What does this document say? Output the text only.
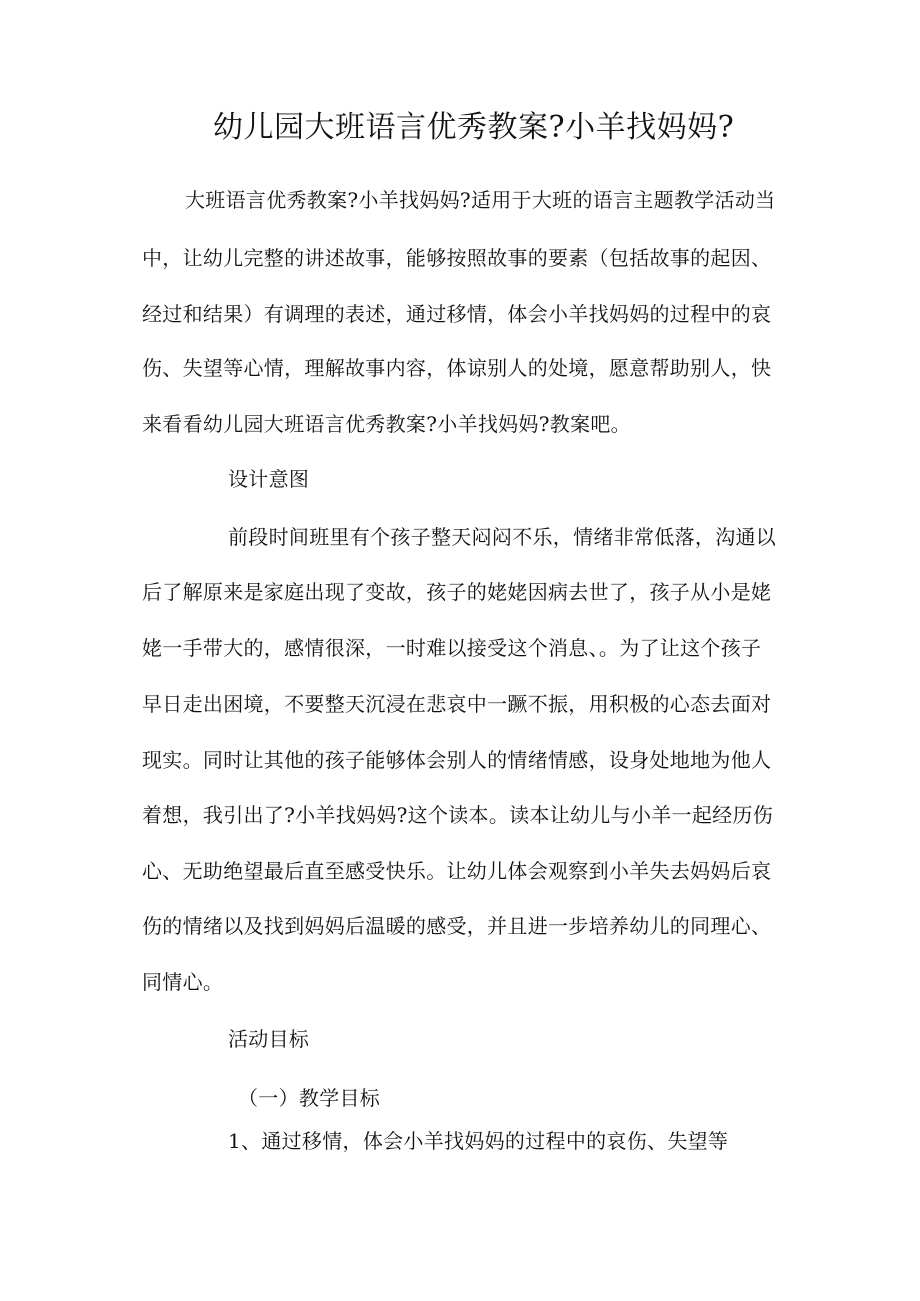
幼儿园大班语言优秀教案?小羊找妈妈?
大班语言优秀教案?小羊找妈妈?适用于大班的语言主题教学活动当
中，让幼儿完整的讲述故事，能够按照故事的要素（包括故事的起因、
经过和结果）有调理的表述，通过移情，体会小羊找妈妈的过程中的哀
伤、失望等心情，理解故事内容，体谅别人的处境，愿意帮助别人，快
来看看幼儿园大班语言优秀教案?小羊找妈妈?教案吧。
设计意图
前段时间班里有个孩子整天闷闷不乐，情绪非常低落，沟通以
后了解原来是家庭出现了变故，孩子的姥姥因病去世了，孩子从小是姥
姥一手带大的，感情很深，一时难以接受这个消息、。为了让这个孩子
早日走出困境，不要整天沉浸在悲哀中一蹶不振，用积极的心态去面对
现实。同时让其他的孩子能够体会别人的情绪情感，设身处地地为他人
着想，我引出了?小羊找妈妈?这个读本。读本让幼儿与小羊一起经历伤
心、无助绝望最后直至感受快乐。让幼儿体会观察到小羊失去妈妈后哀
伤的情绪以及找到妈妈后温暖的感受，并且进一步培养幼儿的同理心、
同情心。
活动目标
（一）教学目标
1、通过移情，体会小羊找妈妈的过程中的哀伤、失望等
